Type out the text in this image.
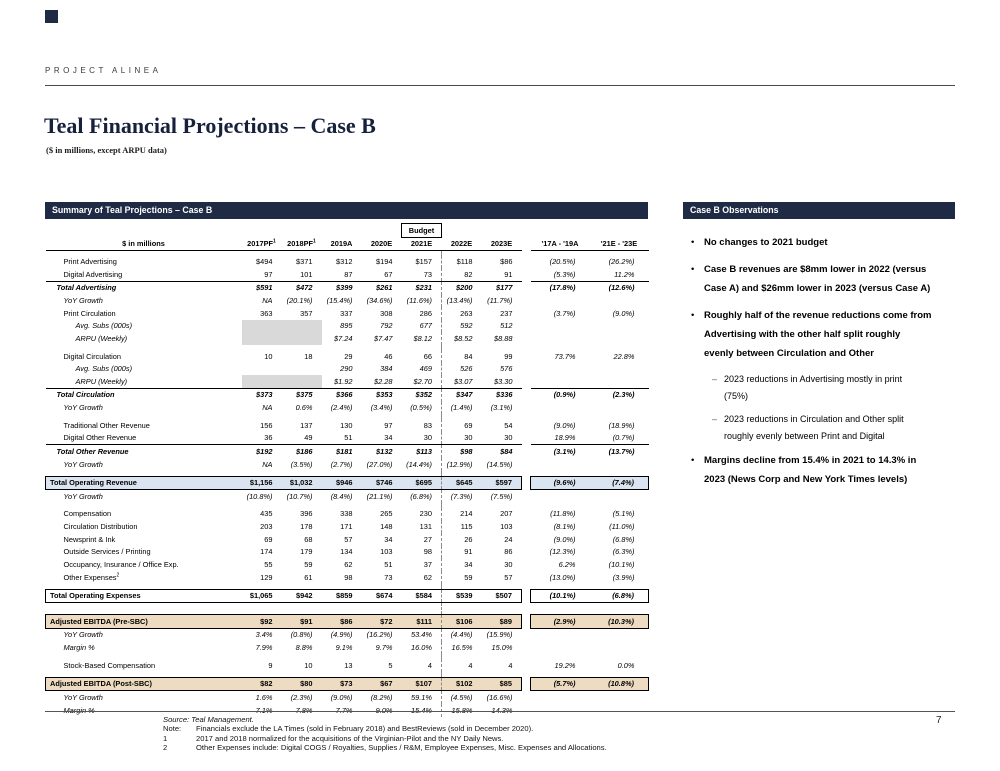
PROJECT ALINEA
Teal Financial Projections – Case B
($ in millions, except ARPU data)
Summary of Teal Projections – Case B
					Budget					
$ in millions	$2017PF^1$	$2018PF^1$	2019A	2020E	2021E	2022E	2023E		'17A - '19A	'21E - '23E

Print Advertising	$494	$371	$312	$194	$157	$118	$86		(20.5%)	(26.2%)
Digital Advertising	97	101	87	67	73	82	91		(5.3%)	11.2%
Total Advertising	$591	$472	$399	$261	$231	$200	$177		(17.8%)	(12.6%)
YoY Growth	NA	(20.1%)	(15.4%)	(34.6%)	(11.6%)	(13.4%)	(11.7%)			
Print Circulation	363	357	337	308	286	263	237		(3.7%)	(9.0%)
Avg. Subs (000s)			895	792	677	592	512			
ARPU (Weekly)			$7.24	$7.47	$8.12	$8.52	$8.88			

Digital Circulation	10	18	29	46	66	84	99		73.7%	22.8%
Avg. Subs (000s)			290	384	469	526	576			
ARPU (Weekly)			$1.92	$2.28	$2.70	$3.07	$3.30			
Total Circulation	$373	$375	$366	$353	$352	$347	$336		(0.9%)	(2.3%)
YoY Growth	NA	0.6%	(2.4%)	(3.4%)	(0.5%)	(1.4%)	(3.1%)			

Traditional Other Revenue	156	137	130	97	83	69	54		(9.0%)	(18.9%)
Digital Other Revenue	36	49	51	34	30	30	30		18.9%	(0.7%)
Total Other Revenue	$192	$186	$181	$132	$113	$98	$84		(3.1%)	(13.7%)
YoY Growth	NA	(3.5%)	(2.7%)	(27.0%)	(14.4%)	(12.9%)	(14.5%)			

Total Operating Revenue	$1,156	$1,032	$946	$746	$695	$645	$597		(9.6%)	(7.4%)
YoY Growth	(10.8%)	(10.7%)	(8.4%)	(21.1%)	(6.8%)	(7.3%)	(7.5%)			

Compensation	435	396	338	265	230	214	207		(11.8%)	(5.1%)
Circulation Distribution	203	178	171	148	131	115	103		(8.1%)	(11.0%)
Newsprint & Ink	69	68	57	34	27	26	24		(9.0%)	(6.8%)
Outside Services / Printing	174	179	134	103	98	91	86		(12.3%)	(6.3%)
Occupancy, Insurance / Office Exp.	55	59	62	51	37	34	30		6.2%	(10.1%)
Other Expenses$^2$	129	61	98	73	62	59	57		(13.0%)	(3.9%)

Total Operating Expenses	$1,065	$942	$859	$674	$584	$539	$507		(10.1%)	(6.8%)

Adjusted EBITDA (Pre-SBC)	$92	$91	$86	$72	$111	$106	$89		(2.9%)	(10.3%)
YoY Growth	3.4%	(0.8%)	(4.9%)	(16.2%)	53.4%	(4.4%)	(15.9%)			
Margin %	7.9%	8.8%	9.1%	9.7%	16.0%	16.5%	15.0%			

Stock-Based Compensation	9	10	13	5	4	4	4		19.2%	0.0%

Adjusted EBITDA (Post-SBC)	$82	$80	$73	$67	$107	$102	$85		(5.7%)	(10.8%)
YoY Growth	1.6%	(2.3%)	(9.0%)	(8.2%)	59.1%	(4.5%)	(16.6%)			
Margin %	7.1%	7.8%	7.7%	9.0%	15.4%	15.8%	14.3%			
Case B Observations
•	No changes to 2021 budget
•	Case B revenues are $8mm lower in 2022 (versus Case A) and $26mm lower in 2023 (versus Case A)
•	Roughly half of the revenue reductions come from Advertising with the other half split roughly evenly between Circulation and Other
– 2023 reductions in Advertising mostly in print (75%)
– 2023 reductions in Circulation and Other split roughly evenly between Print and Digital
•	Margins decline from 15.4% in 2021 to 14.3% in 2023 (News Corp and New York Times levels)
Source: Teal Management.
Note:	Financials exclude the LA Times (sold in February 2018) and BestReviews (sold in December 2020).
1	2017 and 2018 normalized for the acquisitions of the Virginian-Pilot and the NY Daily News.
2	Other Expenses include: Digital COGS / Royalties, Supplies / R&M, Employee Expenses, Misc. Expenses and Allocations.
7
